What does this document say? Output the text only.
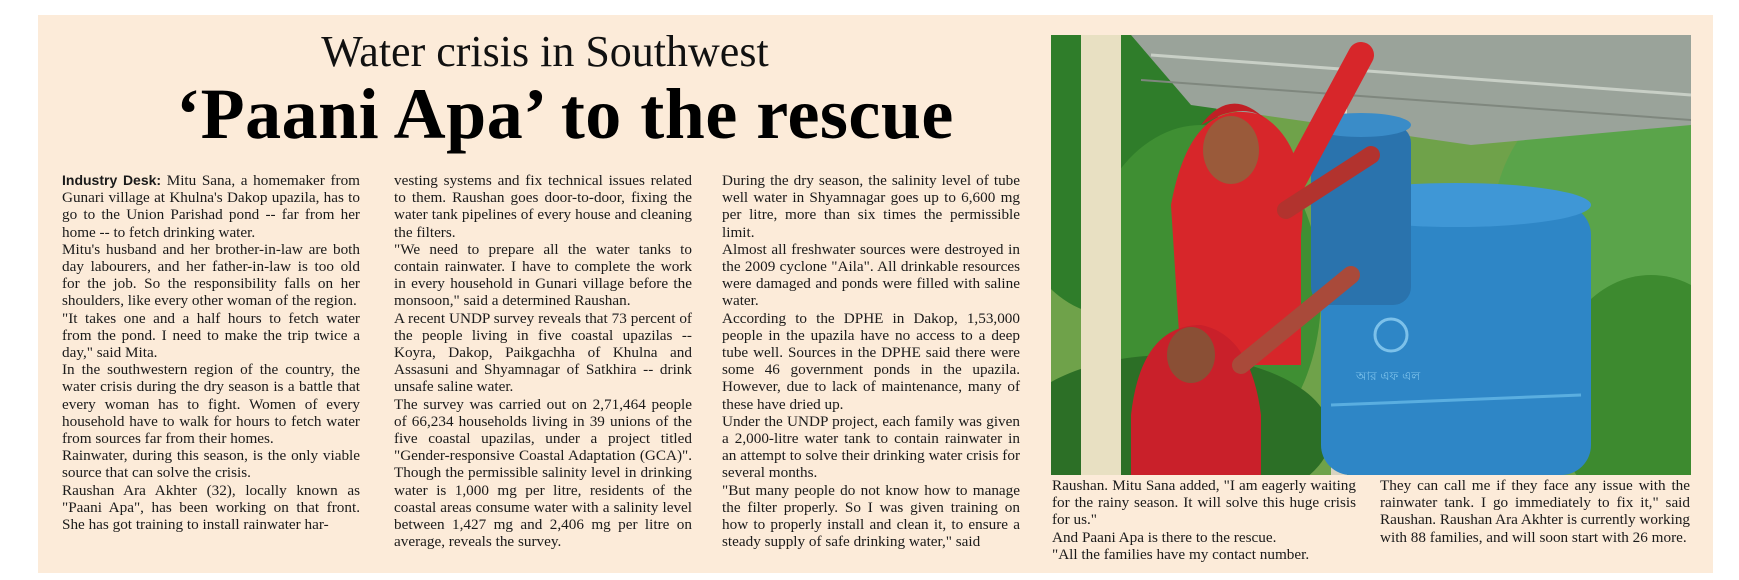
Water crisis in Southwest
‘Paani Apa’ to the rescue

Industry Desk: Mitu Sana, a homemaker from Gunari village at Khulna's Dakop upazila, has to go to the Union Parishad pond -- far from her home -- to fetch drinking water.

Mitu's husband and her brother-in-law are both day labourers, and her father-in-law is too old for the job. So the responsibility falls on her shoulders, like every other woman of the region.

"It takes one and a half hours to fetch water from the pond. I need to make the trip twice a day," said Mita.

In the southwestern region of the country, the water crisis during the dry season is a battle that every woman has to fight. Women of every household have to walk for hours to fetch water from sources far from their homes.

Rainwater, during this season, is the only viable source that can solve the crisis.

Raushan Ara Akhter (32), locally known as "Paani Apa", has been working on that front. She has got training to install rainwater har-

vesting systems and fix technical issues related to them. Raushan goes door-to-door, fixing the water tank pipelines of every house and cleaning the filters.

"We need to prepare all the water tanks to contain rainwater. I have to complete the work in every household in Gunari village before the monsoon," said a determined Raushan.

A recent UNDP survey reveals that 73 percent of the people living in five coastal upazilas -- Koyra, Dakop, Paikgachha of Khulna and Assasuni and Shyamnagar of Satkhira -- drink unsafe saline water.

The survey was carried out on 2,71,464 people of 66,234 households living in 39 unions of the five coastal upazilas, under a project titled "Gender-responsive Coastal Adaptation (GCA)". Though the permissible salinity level in drinking water is 1,000 mg per litre, residents of the coastal areas consume water with a salinity level between 1,427 mg and 2,406 mg per litre on average, reveals the survey.

During the dry season, the salinity level of tube well water in Shyamnagar goes up to 6,600 mg per litre, more than six times the permissible limit.

Almost all freshwater sources were destroyed in the 2009 cyclone "Aila". All drinkable resources were damaged and ponds were filled with saline water.

According to the DPHE in Dakop, 1,53,000 people in the upazila have no access to a deep tube well. Sources in the DPHE said there were some 46 government ponds in the upazila. However, due to lack of maintenance, many of these have dried up.

Under the UNDP project, each family was given a 2,000-litre water tank to contain rainwater in an attempt to solve their drinking water crisis for several months.

"But many people do not know how to manage the filter properly. So I was given training on how to properly install and clean it, to ensure a steady supply of safe drinking water," said

আর এফ এল

Raushan. Mitu Sana added, "I am eagerly waiting for the rainy season. It will solve this huge crisis for us."

And Paani Apa is there to the rescue.

"All the families have my contact number.

They can call me if they face any issue with the rainwater tank. I go immediately to fix it," said Raushan. Raushan Ara Akhter is currently working with 88 families, and will soon start with 26 more.
